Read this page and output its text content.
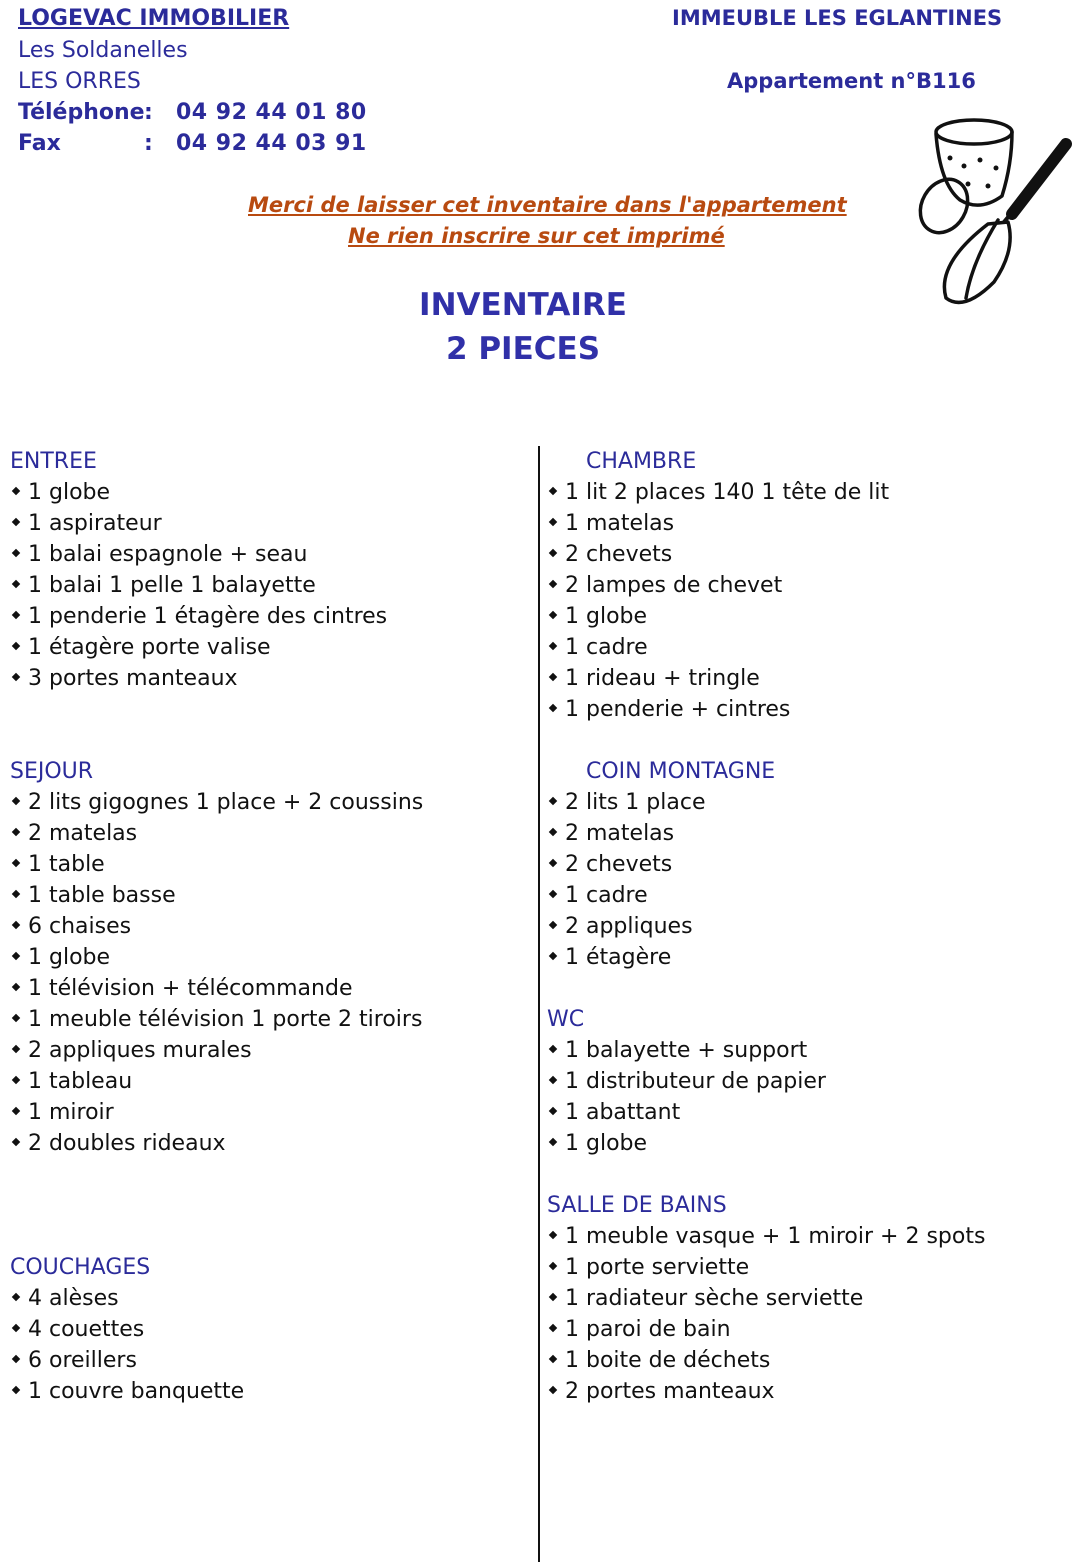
LOGEVAC IMMOBILIER
Les Soldanelles
LES ORRES
Téléphone : 04 92 44 01 80
Fax	: 04 92 44 03 91
IMMEUBLE LES EGLANTINES
Appartement n°B116
Merci de laisser cet inventaire dans l'appartement
Ne rien inscrire sur cet imprimé
INVENTAIRE
2 PIECES
ENTREE
1 globe
1 aspirateur
1 balai espagnole + seau
1 balai 1 pelle 1 balayette
1 penderie 1 étagère des cintres
1 étagère porte valise
3 portes manteaux
SEJOUR
2 lits gigognes 1 place + 2 coussins
2 matelas
1 table
1 table basse
6 chaises
1 globe
1 télévision + télécommande
1 meuble télévision 1 porte 2 tiroirs
2 appliques murales
1 tableau
1 miroir
2 doubles rideaux
COUCHAGES
4 alèses
4 couettes
6 oreillers
1 couvre banquette
CHAMBRE
1 lit 2 places 140 1 tête de lit
1 matelas
2 chevets
2 lampes de chevet
1 globe
1 cadre
1 rideau + tringle
1 penderie + cintres
COIN MONTAGNE
2 lits 1 place
2 matelas
2 chevets
1 cadre
2 appliques
1 étagère
WC
1 balayette + support
1 distributeur de papier
1 abattant
1 globe
SALLE DE BAINS
1 meuble vasque + 1 miroir + 2 spots
1 porte serviette
1 radiateur sèche serviette
1 paroi de bain
1 boite de déchets
2 portes manteaux
